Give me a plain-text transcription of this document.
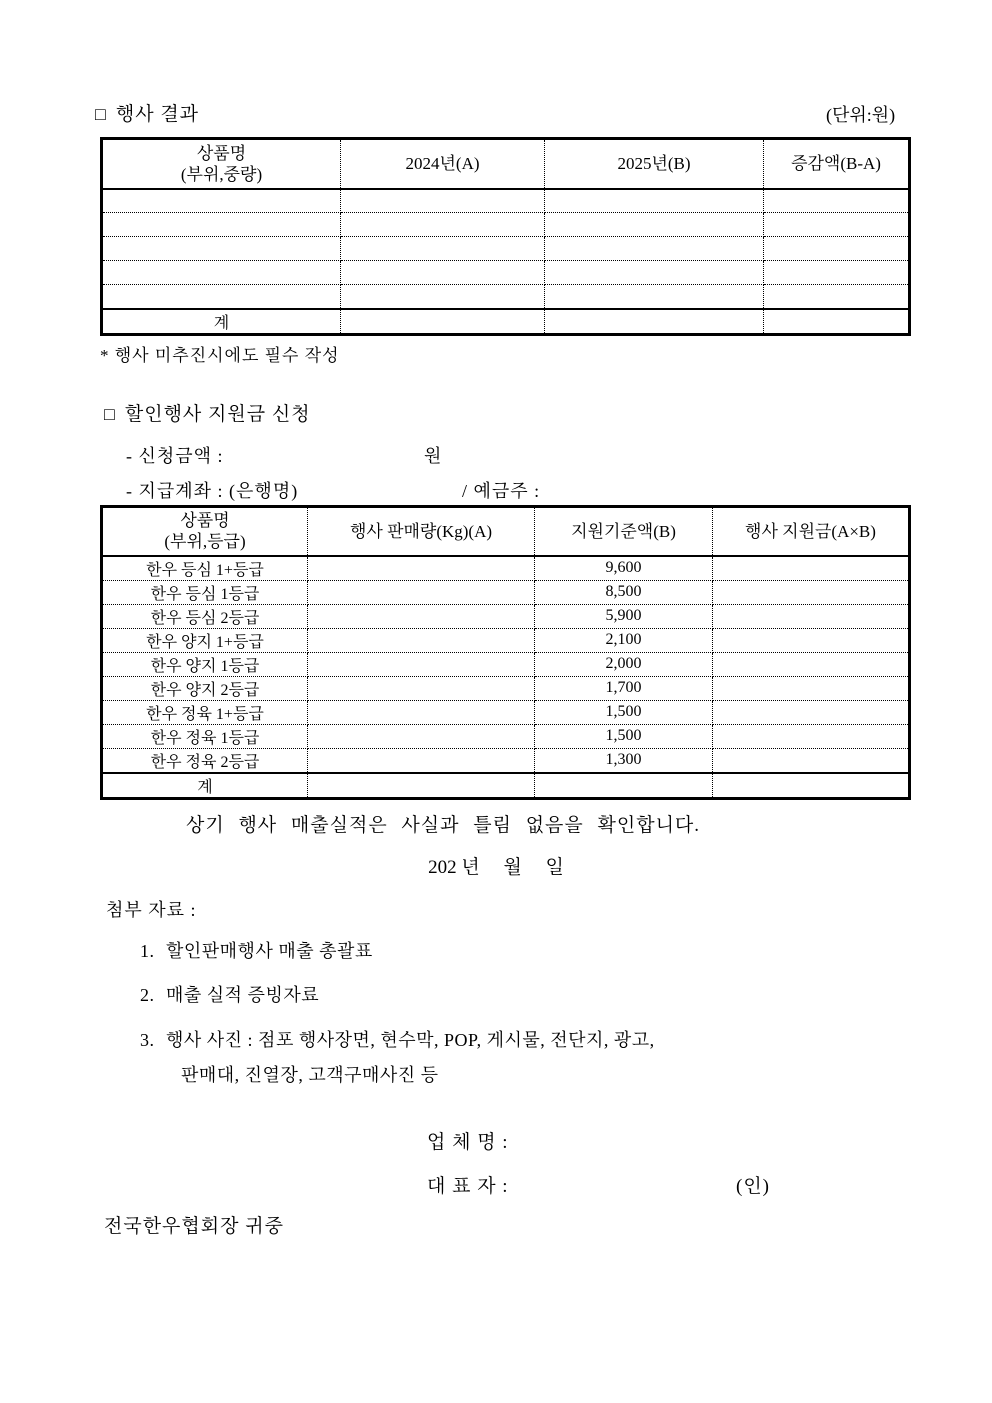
□ 행사 결과	(단위:원)
상품명
(부위,중량)	2024년(A)	2025년(B)	증감액(B-A)

계			
* 행사 미추진시에도 필수 작성
□ 할인행사 지원금 신청
- 신청금액 :	원
- 지급계좌 : (은행명)	/ 예금주 :
상품명
(부위,등급)	행사 판매량(Kg)(A)	지원기준액(B)	행사 지원금(A×B)
한우 등심 1+등급		9,600	
한우 등심 1등급		8,500	
한우 등심 2등급		5,900	
한우 양지 1+등급		2,100	
한우 양지 1등급		2,000	
한우 양지 2등급		1,700	
한우 정육 1+등급		1,500	
한우 정육 1등급		1,500	
한우 정육 2등급		1,300	
계			
상기 행사 매출실적은 사실과 틀림 없음을 확인합니다.
202 년     월     일
첨부 자료 :
1. 할인판매행사 매출 총괄표
2. 매출 실적 증빙자료
3. 행사 사진 : 점포 행사장면, 현수막, POP, 게시물, 전단지, 광고,
판매대, 진열장, 고객구매사진 등
업 체 명 :
대 표 자 :	(인)
전국한우협회장 귀중
